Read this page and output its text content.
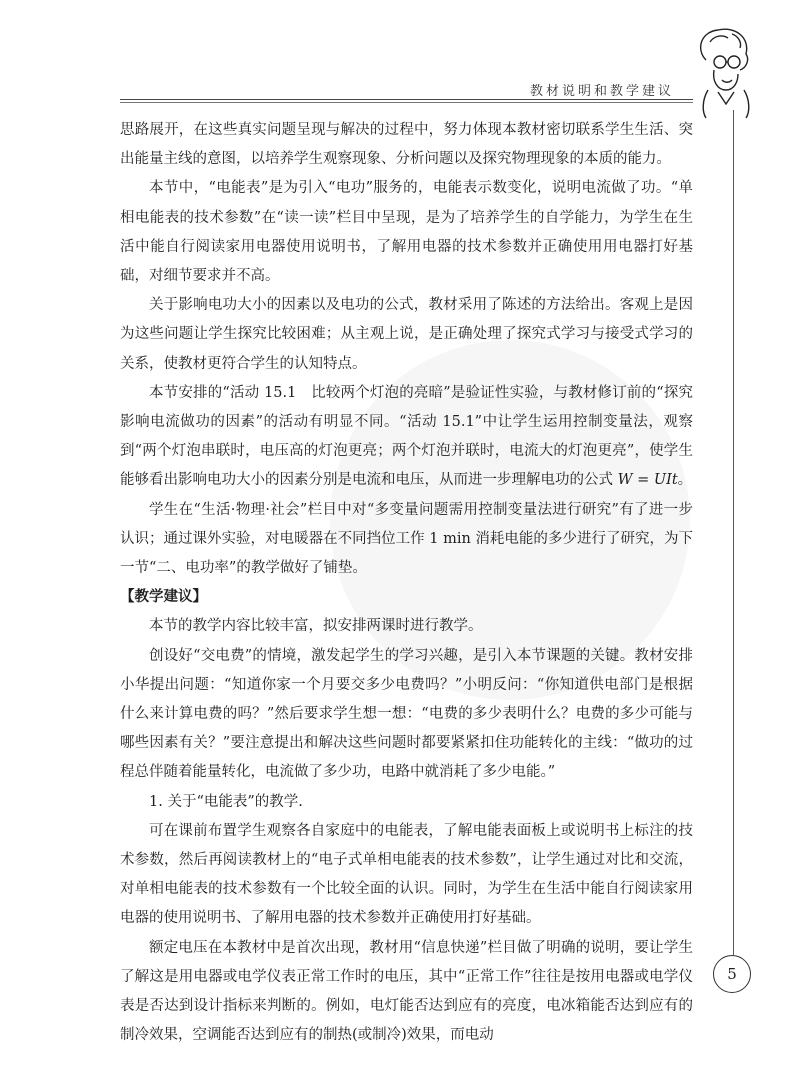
教材说明和教学建议

思路展开，在这些真实问题呈现与解决的过程中，努力体现本教材密切联系学生生活、突出能量主线的意图，以培养学生观察现象、分析问题以及探究物理现象的本质的能力。

本节中，“电能表”是为引入“电功”服务的，电能表示数变化，说明电流做了功。“单相电能表的技术参数”在“读一读”栏目中呈现，是为了培养学生的自学能力，为学生在生活中能自行阅读家用电器使用说明书，了解用电器的技术参数并正确使用用电器打好基础，对细节要求并不高。

关于影响电功大小的因素以及电功的公式，教材采用了陈述的方法给出。客观上是因为这些问题让学生探究比较困难；从主观上说，是正确处理了探究式学习与接受式学习的关系，使教材更符合学生的认知特点。

本节安排的“活动 15.1　比较两个灯泡的亮暗”是验证性实验，与教材修订前的“探究影响电流做功的因素”的活动有明显不同。“活动 15.1”中让学生运用控制变量法，观察到“两个灯泡串联时，电压高的灯泡更亮；两个灯泡并联时，电流大的灯泡更亮”，使学生能够看出影响电功大小的因素分别是电流和电压，从而进一步理解电功的公式 W = UIt。

学生在“生活·物理·社会”栏目中对“多变量问题需用控制变量法进行研究”有了进一步认识；通过课外实验，对电暖器在不同挡位工作 1 min 消耗电能的多少进行了研究，为下一节“二、电功率”的教学做好了铺垫。

【教学建议】

本节的教学内容比较丰富，拟安排两课时进行教学。

创设好“交电费”的情境，激发起学生的学习兴趣，是引入本节课题的关键。教材安排小华提出问题：“知道你家一个月要交多少电费吗？”小明反问：“你知道供电部门是根据什么来计算电费的吗？”然后要求学生想一想：“电费的多少表明什么？电费的多少可能与哪些因素有关？”要注意提出和解决这些问题时都要紧紧扣住功能转化的主线：“做功的过程总伴随着能量转化，电流做了多少功，电路中就消耗了多少电能。”

1. 关于“电能表”的教学.

可在课前布置学生观察各自家庭中的电能表，了解电能表面板上或说明书上标注的技术参数，然后再阅读教材上的“电子式单相电能表的技术参数”，让学生通过对比和交流，对单相电能表的技术参数有一个比较全面的认识。同时，为学生在生活中能自行阅读家用电器的使用说明书、了解用电器的技术参数并正确使用打好基础。

额定电压在本教材中是首次出现，教材用“信息快递”栏目做了明确的说明，要让学生了解这是用电器或电学仪表正常工作时的电压，其中“正常工作”往往是按用电器或电学仪表是否达到设计指标来判断的。例如，电灯能否达到应有的亮度，电冰箱能否达到应有的制冷效果，空调能否达到应有的制热(或制冷)效果，而电动

5
